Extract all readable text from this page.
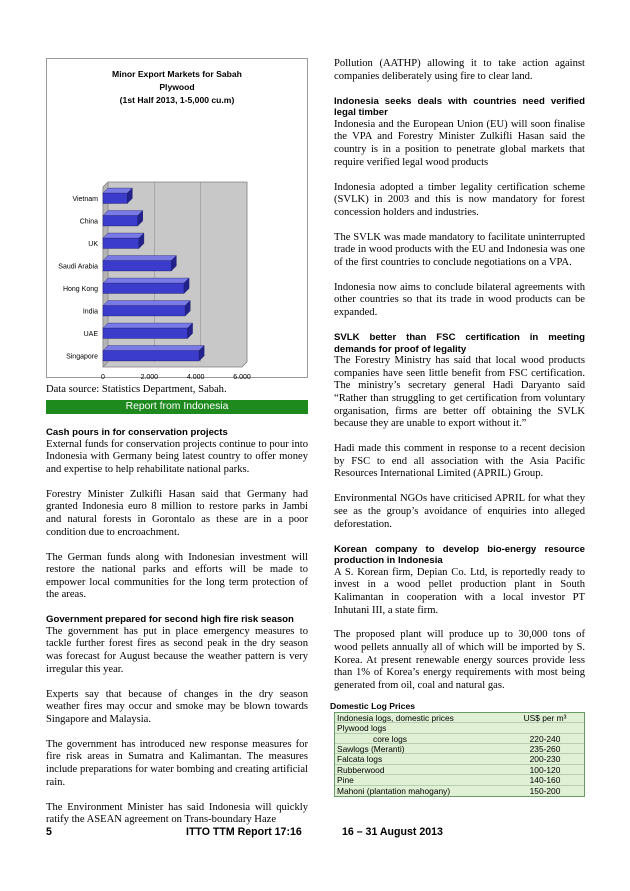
0	2,000	4,000	6,000
Vietnam
China
UK
Saudi Arabia
Hong Kong
India
UAE
Singapore
Minor Export Markets for Sabah
Plywood
(1st Half 2013, 1-5,000 cu.m)
Data source: Statistics Department, Sabah.
Report from Indonesia
Cash pours in for conservation projects

External funds for conservation projects continue to pour into Indonesia with Germany being latest country to offer money and expertise to help rehabilitate national parks.

Forestry Minister Zulkifli Hasan said that Germany had granted Indonesia euro 8 million to restore parks in Jambi and natural forests in Gorontalo as these are in a poor condition due to encroachment.

The German funds along with Indonesian investment will restore the national parks and efforts will be made to empower local communities for the long term protection of the areas.

Government prepared for second high fire risk season

The government has put in place emergency measures to tackle further forest fires as second peak in the dry season was forecast for August because the weather pattern is very irregular this year.

Experts say that because of changes in the dry season weather fires may occur and smoke may be blown towards Singapore and Malaysia.

The government has introduced new response measures for fire risk areas in Sumatra and Kalimantan. The measures include preparations for water bombing and creating artificial rain.

The Environment Minister has said Indonesia will quickly ratify the ASEAN agreement on Trans-boundary Haze

Pollution (AATHP) allowing it to take action against companies deliberately using fire to clear land.

Indonesia seeks deals with countries need verified legal timber

Indonesia and the European Union (EU) will soon finalise the VPA and Forestry Minister Zulkifli Hasan said the country is in a position to penetrate global markets that require verified legal wood products

Indonesia adopted a timber legality certification scheme (SVLK) in 2003 and this is now mandatory for forest concession holders and industries.

The SVLK was made mandatory to facilitate uninterrupted trade in wood products with the EU and Indonesia was one of the first countries to conclude negotiations on a VPA.

Indonesia now aims to conclude bilateral agreements with other countries so that its trade in wood products can be expanded.

SVLK better than FSC certification in meeting demands for proof of legality

The Forestry Ministry has said that local wood products companies have seen little benefit from FSC certification. The ministry’s secretary general Hadi Daryanto said “Rather than struggling to get certification from voluntary organisation, firms are better off obtaining the SVLK because they are unable to export without it.”

Hadi made this comment in response to a recent decision by FSC to end all association with the Asia Pacific Resources International Limited (APRIL) Group.

Environmental NGOs have criticised APRIL for what they see as the group’s avoidance of enquiries into alleged deforestation.

Korean company to develop bio-energy resource production in Indonesia

A S. Korean firm, Depian Co. Ltd, is reportedly ready to invest in a wood pellet production plant in South Kalimantan in cooperation with a local investor PT Inhutani III, a state firm.

The proposed plant will produce up to 30,000 tons of wood pellets annually all of which will be imported by S. Korea. At present renewable energy sources provide less than 1% of Korea’s energy requirements with most being generated from oil, coal and natural gas.

Domestic Log Prices
Indonesia logs, domestic prices	US$ per m³
Plywood logs
core logs	220-240
Sawlogs (Meranti)	235-260
Falcata logs	200-230
Rubberwood	100-120
Pine	140-160
Mahoni (plantation mahogany)	150-200
5	ITTO TTM Report 17:16	16 – 31 August 2013
